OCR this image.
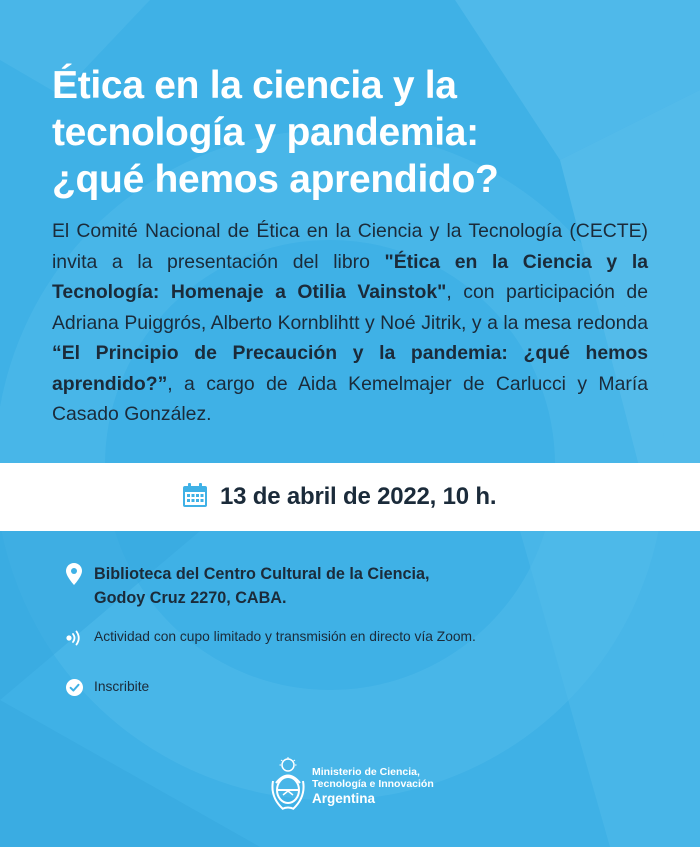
Ética en la ciencia y la
tecnología y pandemia:
¿qué hemos aprendido?

El Comité Nacional de Ética en la Ciencia y la Tecnología (CECTE) invita a la presentación del libro "Ética en la Ciencia y la Tecnología: Homenaje a Otilia Vainstok", con participación de Adriana Puiggrós, Alberto Kornblihtt y Noé Jitrik, y a la mesa redonda “El Principio de Precaución y la pandemia: ¿qué hemos aprendido?”, a cargo de Aida Kemelmajer de Carlucci y María Casado González.

13 de abril de 2022, 10 h.
Biblioteca del Centro Cultural de la Ciencia,
Godoy Cruz 2270, CABA.
Actividad con cupo limitado y transmisión en directo vía Zoom.
Inscribite
Ministerio de Ciencia,
Tecnología e Innovación
Argentina
